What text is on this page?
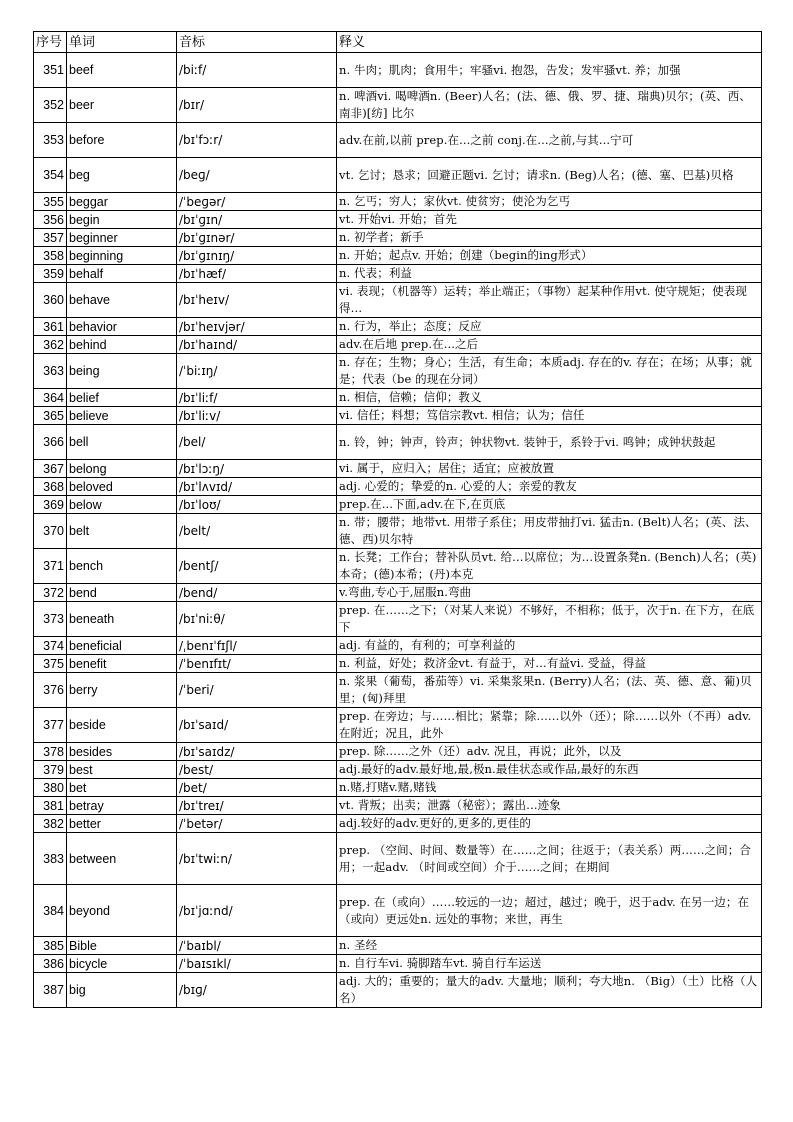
序号	单词	音标	释义
351	beef	/biːf/	n. 牛肉；肌肉；食用牛；牢骚vi. 抱怨，告发；发牢骚vt. 养；加强
352	beer	/bɪr/	n. 啤酒vi. 喝啤酒n. (Beer)人名；(法、德、俄、罗、捷、瑞典)贝尔；(英、西、南非)[纺] 比尔
353	before	/bɪˈfɔːr/	adv.在前,以前 prep.在...之前 conj.在...之前,与其...宁可
354	beg	/beɡ/	vt. 乞讨；恳求；回避正题vi. 乞讨；请求n. (Beg)人名；(德、塞、巴基)贝格
355	beggar	/ˈbeɡər/	n. 乞丐；穷人；家伙vt. 使贫穷；使沦为乞丐
356	begin	/bɪˈɡɪn/	vt. 开始vi. 开始；首先
357	beginner	/bɪˈɡɪnər/	n. 初学者；新手
358	beginning	/bɪˈɡɪnɪŋ/	n. 开始；起点v. 开始；创建（begin的ing形式）
359	behalf	/bɪˈhæf/	n. 代表；利益
360	behave	/bɪˈheɪv/	vi. 表现；（机器等）运转；举止端正；（事物）起某种作用vt. 使守规矩；使表现得…
361	behavior	/bɪˈheɪvjər/	n. 行为，举止；态度；反应
362	behind	/bɪˈhaɪnd/	adv.在后地 prep.在...之后
363	being	/ˈbiːɪŋ/	n. 存在；生物；身心；生活，有生命；本质adj. 存在的v. 存在；在场；从事；就是；代表（be 的现在分词）
364	belief	/bɪˈliːf/	n. 相信，信赖；信仰；教义
365	believe	/bɪˈliːv/	vi. 信任；料想；笃信宗教vt. 相信；认为；信任
366	bell	/bel/	n. 铃，钟；钟声，铃声；钟状物vt. 装钟于，系铃于vi. 鸣钟；成钟状鼓起
367	belong	/bɪˈlɔːŋ/	vi. 属于，应归入；居住；适宜；应被放置
368	beloved	/bɪˈlʌvɪd/	adj. 心爱的；挚爱的n. 心爱的人；亲爱的教友
369	below	/bɪˈloʊ/	prep.在...下面,adv.在下,在页底
370	belt	/belt/	n. 带；腰带；地带vt. 用带子系住；用皮带抽打vi. 猛击n. (Belt)人名；(英、法、德、西)贝尔特
371	bench	/bentʃ/	n. 长凳；工作台；替补队员vt. 给…以席位；为…设置条凳n. (Bench)人名；(英)本奇；(德)本希；(丹)本克
372	bend	/bend/	v.弯曲,专心于,屈服n.弯曲
373	beneath	/bɪˈniːθ/	prep. 在……之下；（对某人来说）不够好，不相称；低于，次于n. 在下方，在底下
374	beneficial	/ˌbenɪˈfɪʃl/	adj. 有益的，有利的；可享利益的
375	benefit	/ˈbenɪfɪt/	n. 利益，好处；救济金vt. 有益于，对…有益vi. 受益，得益
376	berry	/ˈberi/	n. 浆果（葡萄，番茄等）vi. 采集浆果n. (Berry)人名；(法、英、德、意、葡)贝里；(匈)拜里
377	beside	/bɪˈsaɪd/	prep. 在旁边；与……相比；紧靠；除……以外（还）；除……以外（不再）adv. 在附近；况且，此外
378	besides	/bɪˈsaɪdz/	prep. 除……之外（还）adv. 况且，再说；此外，以及
379	best	/best/	adj.最好的adv.最好地,最,极n.最佳状态或作品,最好的东西
380	bet	/bet/	n.赌,打赌v.赌,赌钱
381	betray	/bɪˈtreɪ/	vt. 背叛；出卖；泄露（秘密）；露出…迹象
382	better	/ˈbetər/	adj.较好的adv.更好的,更多的,更佳的
383	between	/bɪˈtwiːn/	prep. （空间、时间、数量等）在……之间；往返于；（表关系）两……之间；合用；一起adv. （时间或空间）介于……之间；在期间
384	beyond	/bɪˈjɑːnd/	prep. 在（或向）……较远的一边；超过，越过；晚于，迟于adv. 在另一边；在（或向）更远处n. 远处的事物；来世，再生
385	Bible	/ˈbaɪbl/	n. 圣经
386	bicycle	/ˈbaɪsɪkl/	n. 自行车vi. 骑脚踏车vt. 骑自行车运送
387	big	/bɪɡ/	adj. 大的；重要的；量大的adv. 大量地；顺利；夸大地n. （Big）（土）比格（人名）
